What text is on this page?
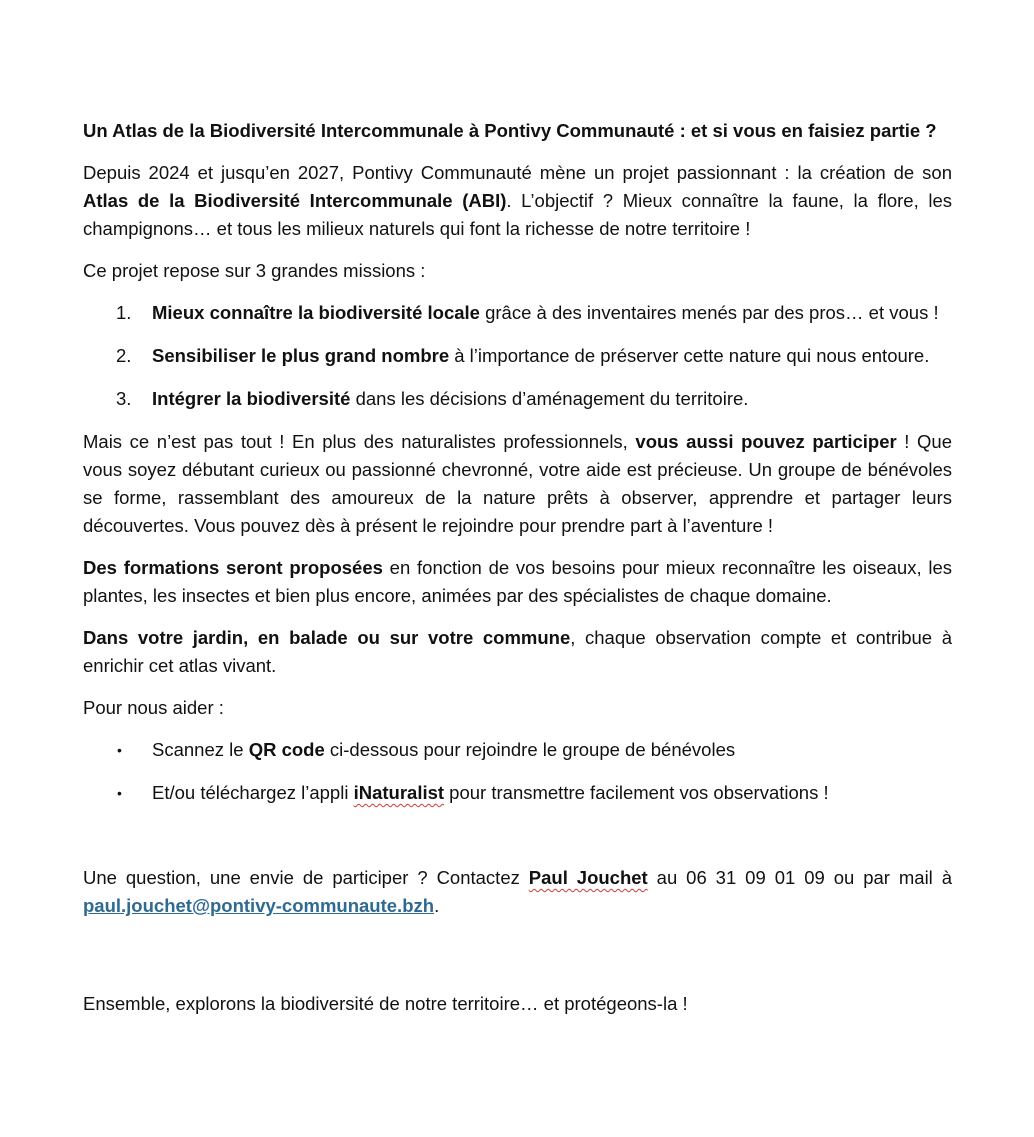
Un Atlas de la Biodiversité Intercommunale à Pontivy Communauté : et si vous en faisiez partie ?

Depuis 2024 et jusqu’en 2027, Pontivy Communauté mène un projet passionnant : la création de son Atlas de la Biodiversité Intercommunale (ABI). L’objectif ? Mieux connaître la faune, la flore, les champignons… et tous les milieux naturels qui font la richesse de notre territoire !

Ce projet repose sur 3 grandes missions :

1. Mieux connaître la biodiversité locale grâce à des inventaires menés par des pros… et vous !
2. Sensibiliser le plus grand nombre à l’importance de préserver cette nature qui nous entoure.
3. Intégrer la biodiversité dans les décisions d’aménagement du territoire.

Mais ce n’est pas tout ! En plus des naturalistes professionnels, vous aussi pouvez participer ! Que vous soyez débutant curieux ou passionné chevronné, votre aide est précieuse. Un groupe de bénévoles se forme, rassemblant des amoureux de la nature prêts à observer, apprendre et partager leurs découvertes. Vous pouvez dès à présent le rejoindre pour prendre part à l’aventure !

Des formations seront proposées en fonction de vos besoins pour mieux reconnaître les oiseaux, les plantes, les insectes et bien plus encore, animées par des spécialistes de chaque domaine.

Dans votre jardin, en balade ou sur votre commune, chaque observation compte et contribue à enrichir cet atlas vivant.

Pour nous aider :

• Scannez le QR code ci-dessous pour rejoindre le groupe de bénévoles
• Et/ou téléchargez l’appli iNaturalist pour transmettre facilement vos observations !

Une question, une envie de participer ? Contactez Paul Jouchet au 06 31 09 01 09 ou par mail à paul.jouchet@pontivy-communaute.bzh.

Ensemble, explorons la biodiversité de notre territoire… et protégeons-la !
